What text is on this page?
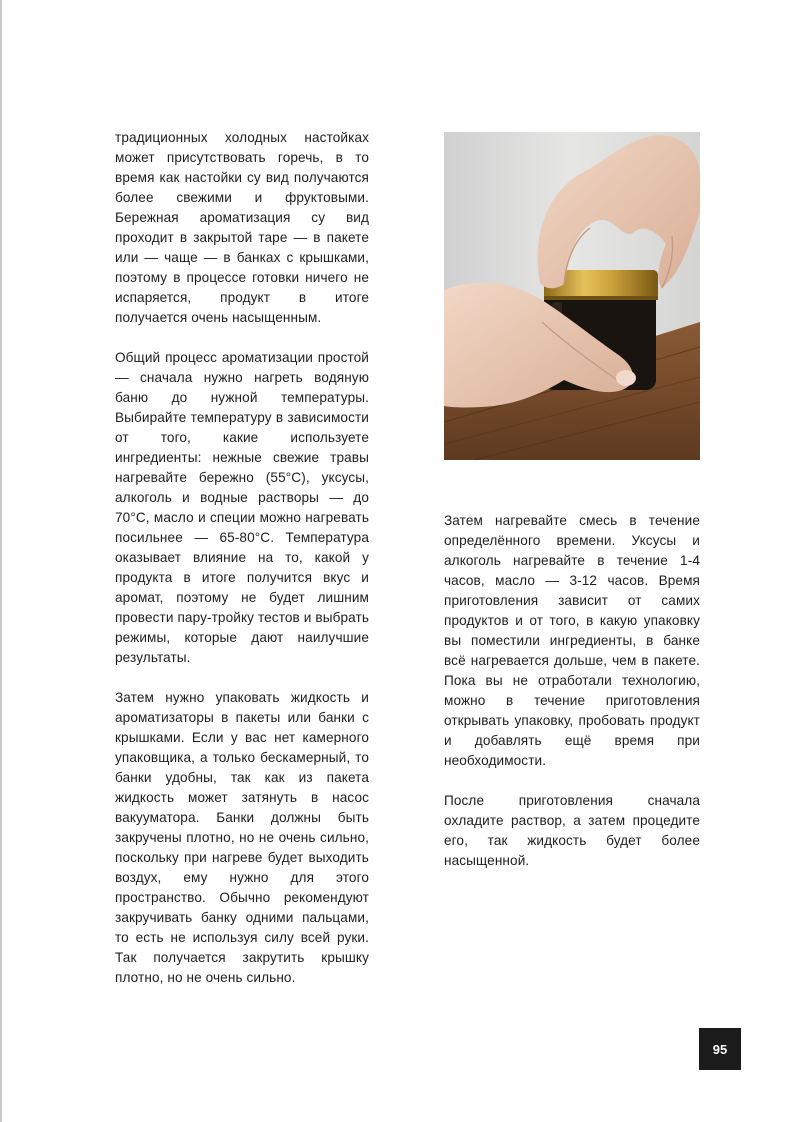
традиционных холодных настойках может присутствовать горечь, в то время как настойки су вид получаются более свежими и фруктовыми. Бережная ароматизация су вид проходит в закрытой таре — в пакете или — чаще — в банках с крышками, поэтому в процессе готовки ничего не испаряется, продукт в итоге получается очень насыщенным.

Общий процесс ароматизации простой — сначала нужно нагреть водяную баню до нужной температуры. Выбирайте температуру в зависимости от того, какие используете ингредиенты: нежные свежие травы нагревайте бережно (55°C), уксусы, алкоголь и водные растворы — до 70°C, масло и специи можно нагревать посильнее — 65-80°C. Температура оказывает влияние на то, какой у продукта в итоге получится вкус и аромат, поэтому не будет лишним провести пару-тройку тестов и выбрать режимы, которые дают наилучшие результаты.

Затем нужно упаковать жидкость и ароматизаторы в пакеты или банки с крышками. Если у вас нет камерного упаковщика, а только бескамерный, то банки удобны, так как из пакета жидкость может затянуть в насос вакууматора. Банки должны быть закручены плотно, но не очень сильно, поскольку при нагреве будет выходить воздух, ему нужно для этого пространство. Обычно рекомендуют закручивать банку одними пальцами, то есть не используя силу всей руки. Так получается закрутить крышку плотно, но не очень сильно.

Затем нагревайте смесь в течение определённого времени. Уксусы и алкоголь нагревайте в течение 1-4 часов, масло — 3-12 часов. Время приготовления зависит от самих продуктов и от того, в какую упаковку вы поместили ингредиенты, в банке всё нагревается дольше, чем в пакете. Пока вы не отработали технологию, можно в течение приготовления открывать упаковку, пробовать продукт и добавлять ещё время при необходимости.

После приготовления сначала охладите раствор, а затем процедите его, так жидкость будет более насыщенной.

95
